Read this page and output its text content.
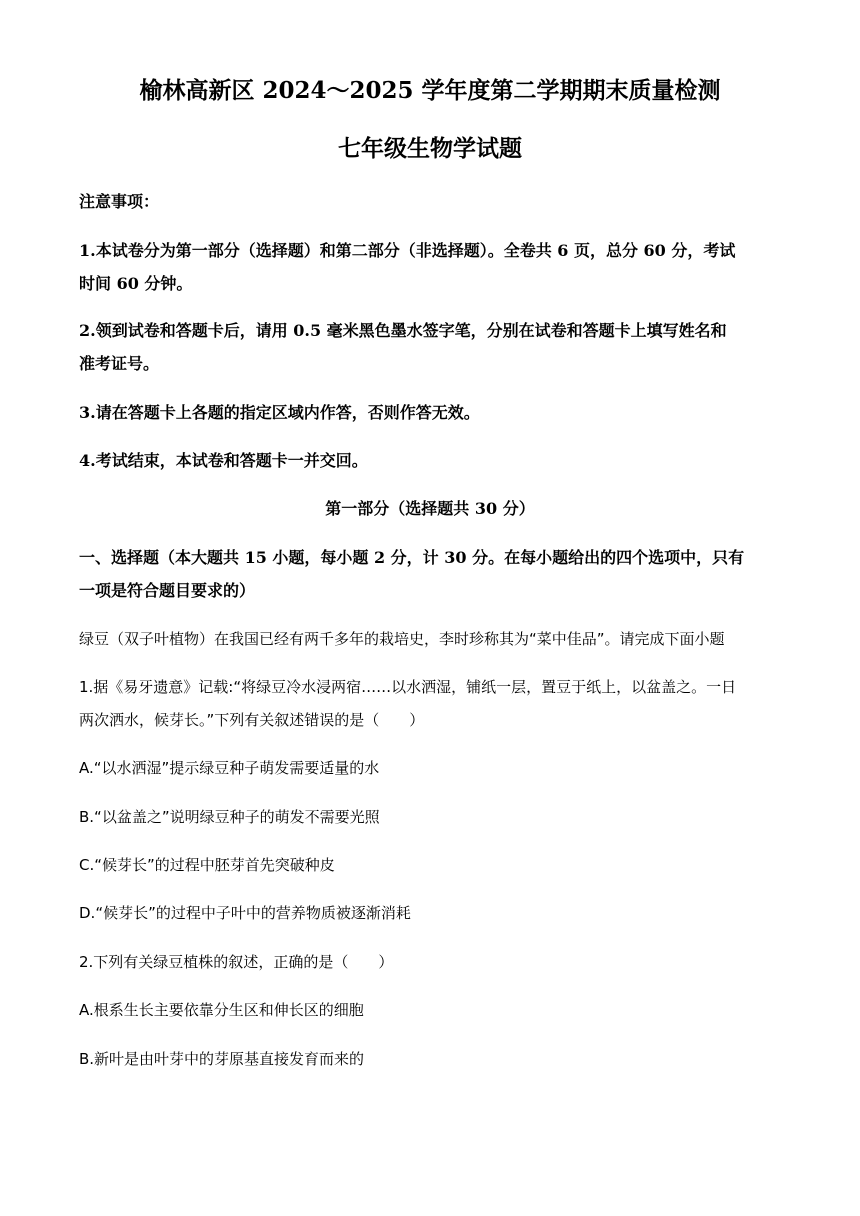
榆林高新区 2024～2025 学年度第二学期期末质量检测
七年级生物学试题
注意事项：
1.本试卷分为第一部分（选择题）和第二部分（非选择题）。全卷共 6 页，总分 60 分，考试
时间 60 分钟。
2.领到试卷和答题卡后，请用 0.5 毫米黑色墨水签字笔，分别在试卷和答题卡上填写姓名和
准考证号。
3.请在答题卡上各题的指定区域内作答，否则作答无效。
4.考试结束，本试卷和答题卡一并交回。
第一部分（选择题共 30 分）
一、选择题（本大题共 15 小题，每小题 2 分，计 30 分。在每小题给出的四个选项中，只有
一项是符合题目要求的）
绿豆（双子叶植物）在我国已经有两千多年的栽培史，李时珍称其为“菜中佳品”。请完成下面小题
1.据《易牙遗意》记载:“将绿豆冷水浸两宿……以水洒湿，铺纸一层，置豆于纸上，以盆盖之。一日
两次洒水，候芽长。”下列有关叙述错误的是（　　）
A.“以水洒湿”提示绿豆种子萌发需要适量的水
B.“以盆盖之”说明绿豆种子的萌发不需要光照
C.“候芽长”的过程中胚芽首先突破种皮
D.“候芽长”的过程中子叶中的营养物质被逐渐消耗
2.下列有关绿豆植株的叙述，正确的是（　　）
A.根系生长主要依靠分生区和伸长区的细胞
B.新叶是由叶芽中的芽原基直接发育而来的
